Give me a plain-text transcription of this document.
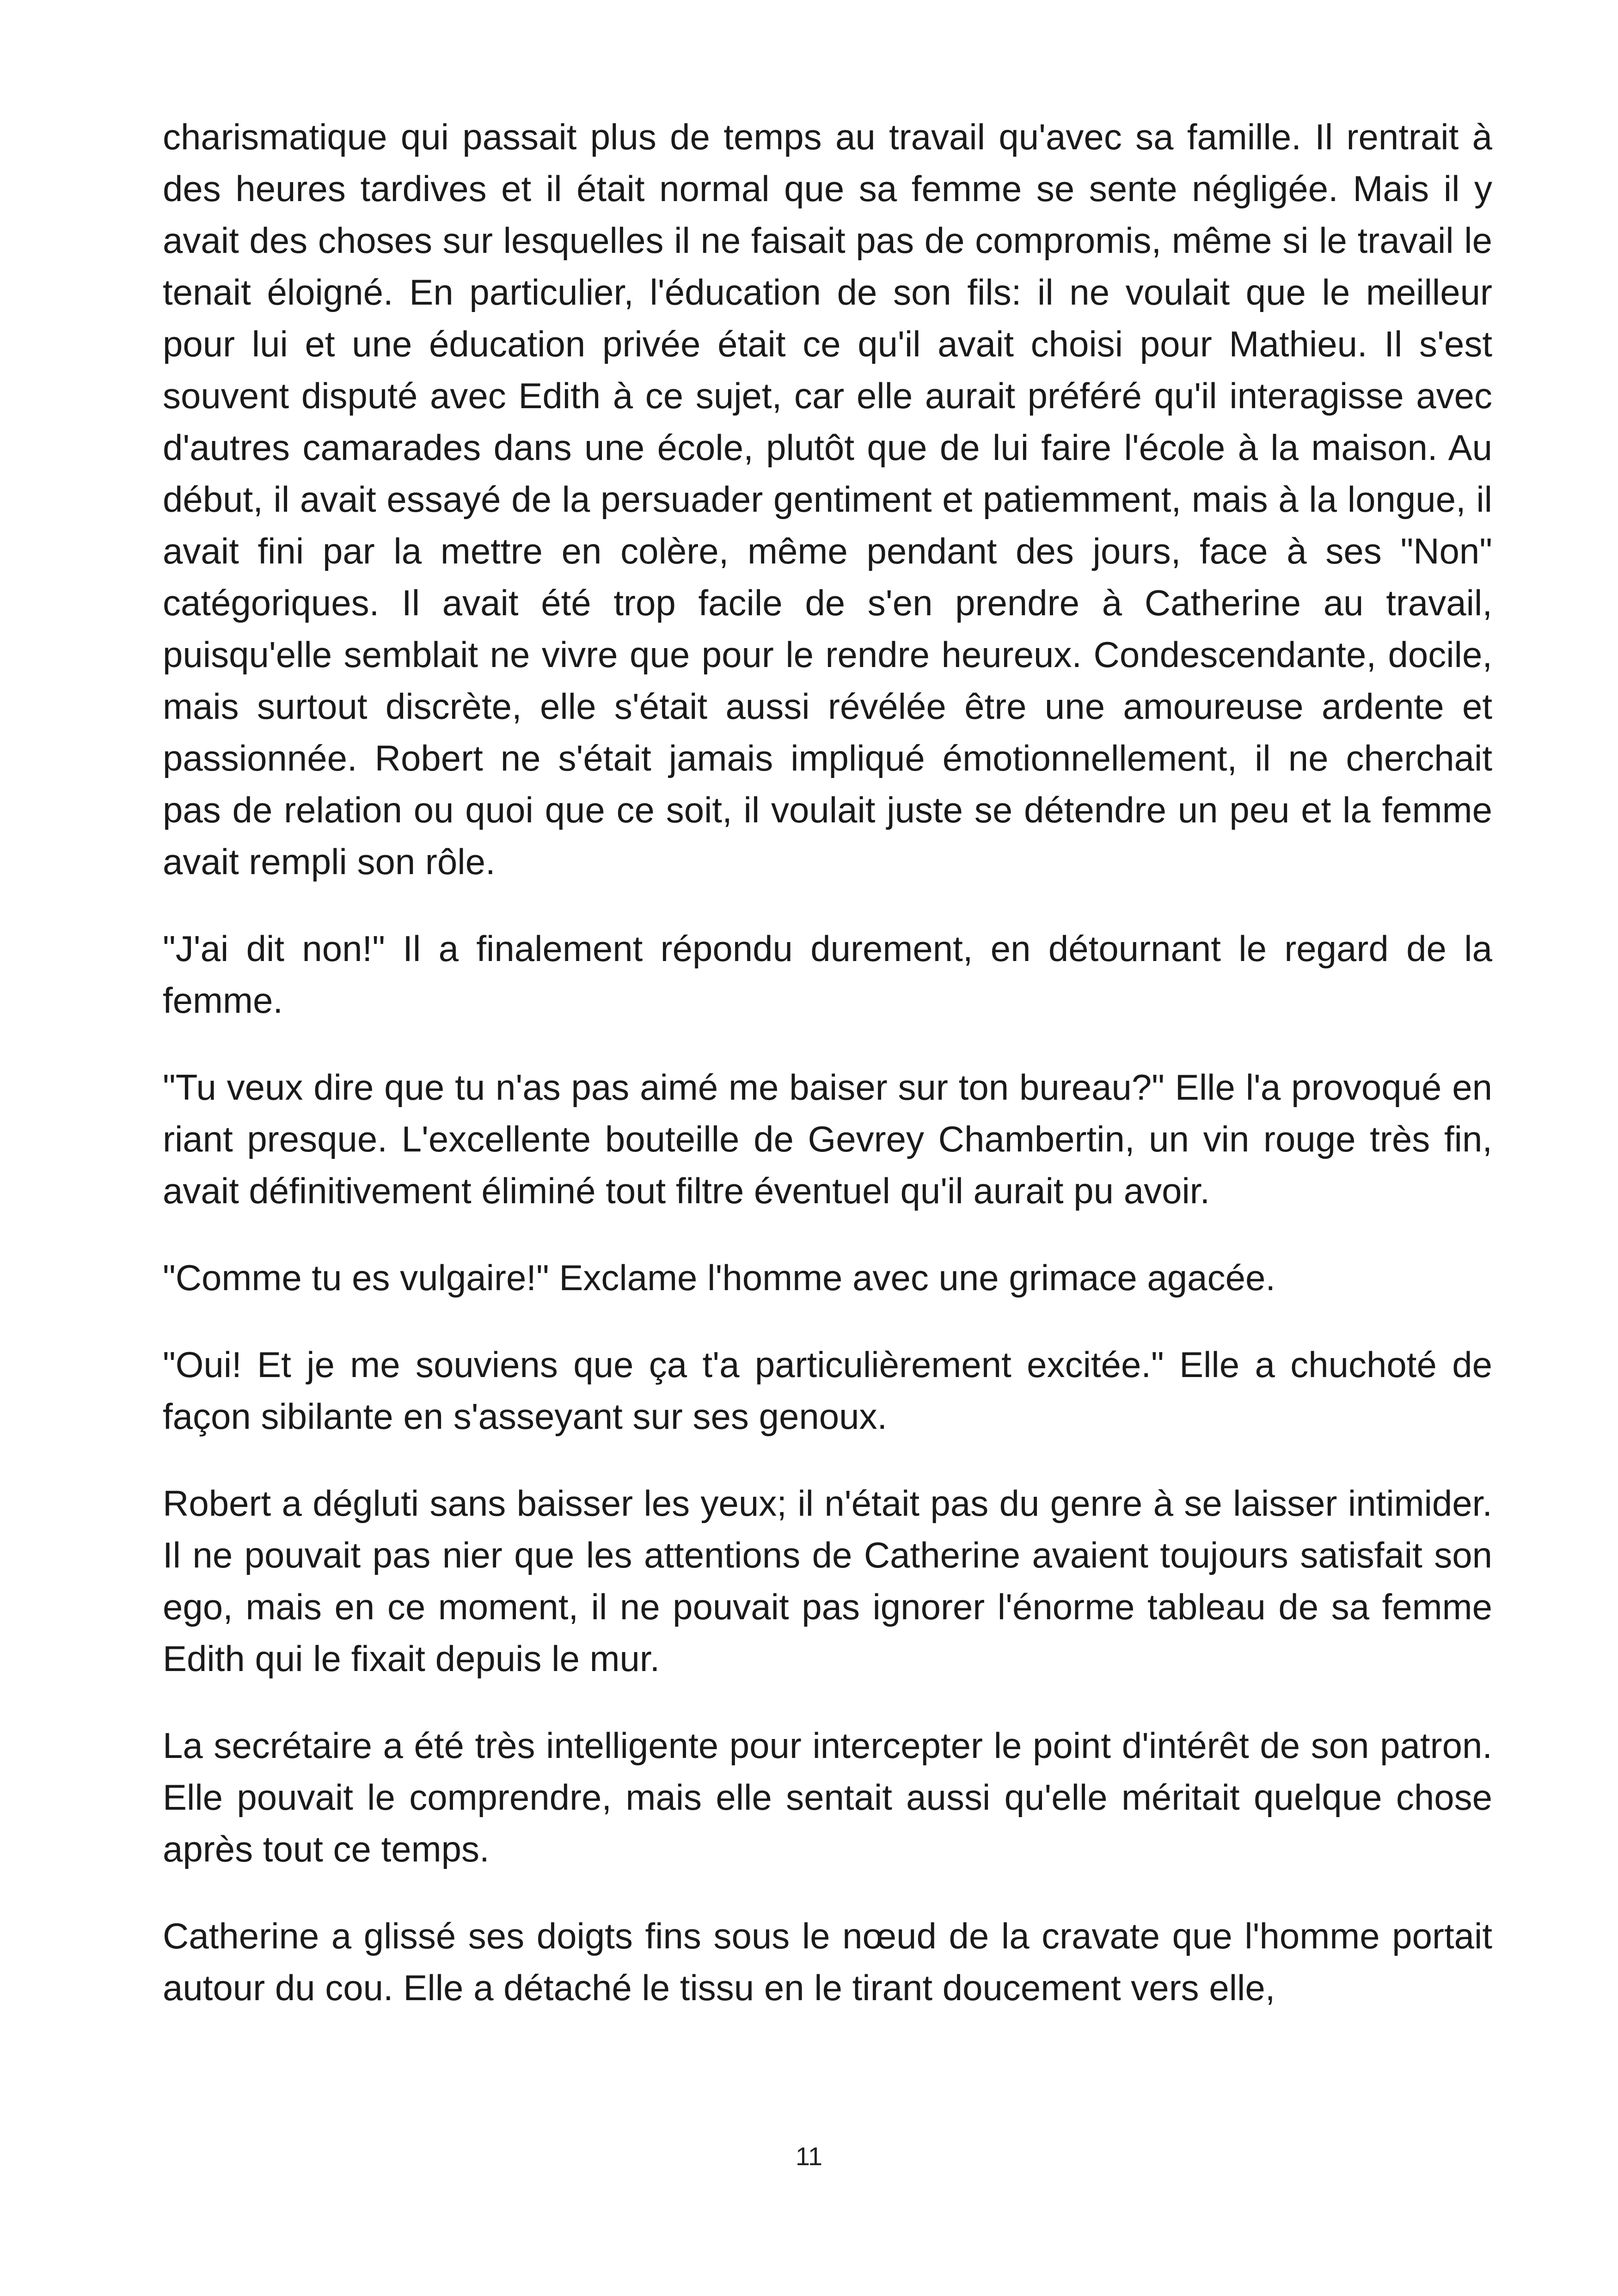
charismatique qui passait plus de temps au travail qu'avec sa famille. Il rentrait à des heures tardives et il était normal que sa femme se sente négligée. Mais il y avait des choses sur lesquelles il ne faisait pas de compromis, même si le travail le tenait éloigné. En particulier, l'éducation de son fils: il ne voulait que le meilleur pour lui et une éducation privée était ce qu'il avait choisi pour Mathieu. Il s'est souvent disputé avec Edith à ce sujet, car elle aurait préféré qu'il interagisse avec d'autres camarades dans une école, plutôt que de lui faire l'école à la maison. Au début, il avait essayé de la persuader gentiment et patiemment, mais à la longue, il avait fini par la mettre en colère, même pendant des jours, face à ses "Non" catégoriques. Il avait été trop facile de s'en prendre à Catherine au travail, puisqu'elle semblait ne vivre que pour le rendre heureux. Condescendante, docile, mais surtout discrète, elle s'était aussi révélée être une amoureuse ardente et passionnée. Robert ne s'était jamais impliqué émotionnellement, il ne cherchait pas de relation ou quoi que ce soit, il voulait juste se détendre un peu et la femme avait rempli son rôle.

"J'ai dit non!" Il a finalement répondu durement, en détournant le regard de la femme.

"Tu veux dire que tu n'as pas aimé me baiser sur ton bureau?" Elle l'a provoqué en riant presque. L'excellente bouteille de Gevrey Chambertin, un vin rouge très fin, avait définitivement éliminé tout filtre éventuel qu'il aurait pu avoir.

"Comme tu es vulgaire!" Exclame l'homme avec une grimace agacée.

"Oui! Et je me souviens que ça t'a particulièrement excitée." Elle a chuchoté de façon sibilante en s'asseyant sur ses genoux.

Robert a dégluti sans baisser les yeux; il n'était pas du genre à se laisser intimider. Il ne pouvait pas nier que les attentions de Catherine avaient toujours satisfait son ego, mais en ce moment, il ne pouvait pas ignorer l'énorme tableau de sa femme Edith qui le fixait depuis le mur.

La secrétaire a été très intelligente pour intercepter le point d'intérêt de son patron. Elle pouvait le comprendre, mais elle sentait aussi qu'elle méritait quelque chose après tout ce temps.

Catherine a glissé ses doigts fins sous le nœud de la cravate que l'homme portait autour du cou. Elle a détaché le tissu en le tirant doucement vers elle,

11
